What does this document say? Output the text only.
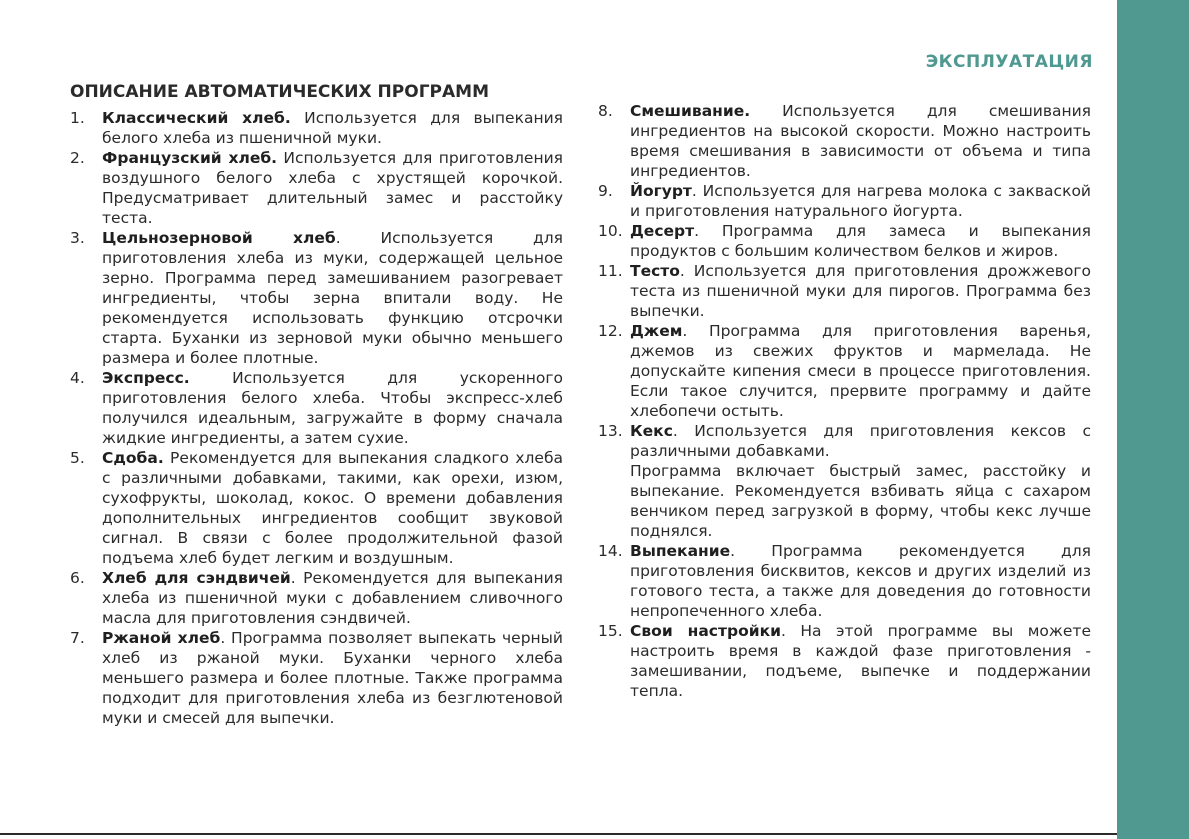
ЭКСПЛУАТАЦИЯ
ОПИСАНИЕ АВТОМАТИЧЕСКИХ ПРОГРАММ
1.	Классический хлеб. Используется для выпекания белого хлеба из пшеничной муки.
2.	Французский хлеб. Используется для приготовления воздушного белого хлеба с хрустящей корочкой. Предусматривает длительный замес и расстойку теста.
3.	Цельнозерновой хлеб. Используется для приготовления хлеба из муки, содержащей цельное зерно. Программа перед замешиванием разогревает ингредиенты, чтобы зерна впитали воду. Не рекомендуется использовать функцию отсрочки старта. Буханки из зерновой муки обычно меньшего размера и более плотные.
4.	Экспресс. Используется для ускоренного приготовления белого хлеба. Чтобы экспресс-хлеб получился идеальным, загружайте в форму сначала жидкие ингредиенты, а затем сухие.
5.	Сдоба. Рекомендуется для выпекания сладкого хлеба с различными добавками, такими, как орехи, изюм, сухофрукты, шоколад, кокос. О времени добавления дополнительных ингредиентов сообщит звуковой сигнал. В связи с более продолжительной фазой подъема хлеб будет легким и воздушным.
6.	Хлеб для сэндвичей. Рекомендуется для выпекания хлеба из пшеничной муки с добавлением сливочного масла для приготовления сэндвичей.
7.	Ржаной хлеб. Программа позволяет выпекать черный хлеб из ржаной муки. Буханки черного хлеба меньшего размера и более плотные. Также программа подходит для приготовления хлеба из безглютеновой муки и смесей для выпечки.
8.	Смешивание. Используется для смешивания ингредиентов на высокой скорости. Можно настроить время смешивания в зависимости от объема и типа ингредиентов.
9.	Йогурт. Используется для нагрева молока с закваской и приготовления натурального йогурта.
10. Десерт. Программа для замеса и выпекания продуктов с большим количеством белков и жиров.
11. Тесто. Используется для приготовления дрожжевого теста из пшеничной муки для пирогов. Программа без выпечки.
12. Джем. Программа для приготовления варенья, джемов из свежих фруктов и мармелада. Не допускайте кипения смеси в процессе приготовления. Если такое случится, прервите программу и дайте хлебопечи остыть.
13. Кекс. Используется для приготовления кексов с различными добавками.
Программа включает быстрый замес, расстойку и выпекание. Рекомендуется взбивать яйца с сахаром венчиком перед загрузкой в форму, чтобы кекс лучше поднялся.
14. Выпекание. Программа рекомендуется для приготовления бисквитов, кексов и других изделий из готового теста, а также для доведения до готовности непропеченного хлеба.
15. Свои настройки. На этой программе вы можете настроить время в каждой фазе приготовления - замешивании, подъеме, выпечке и поддержании тепла.
